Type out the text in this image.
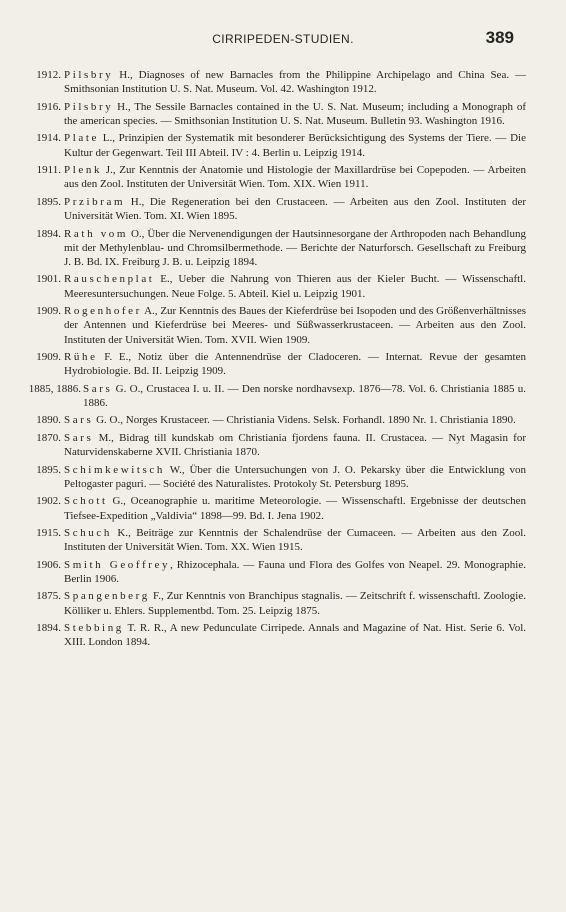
CIRRIPEDEN-STUDIEN.	389
1912. Pilsbry H., Diagnoses of new Barnacles from the Philippine Archipelago and China Sea. — Smithsonian Institution U. S. Nat. Museum. Vol. 42. Washington 1912.
1916. Pilsbry H., The Sessile Barnacles contained in the U. S. Nat. Museum; including a Monograph of the american species. — Smithsonian Institution U. S. Nat. Museum. Bulletin 93. Washington 1916.
1914. Plate L., Prinzipien der Systematik mit besonderer Berücksichtigung des Systems der Tiere. — Die Kultur der Gegenwart. Teil III Abteil. IV : 4. Berlin u. Leipzig 1914.
1911. Plenk J., Zur Kenntnis der Anatomie und Histologie der Maxillardrüse bei Copepoden. — Arbeiten aus den Zool. Instituten der Universität Wien. Tom. XIX. Wien 1911.
1895. Przibram H., Die Regeneration bei den Crustaceen. — Arbeiten aus den Zool. Instituten der Universität Wien. Tom. XI. Wien 1895.
1894. Rath vom O., Über die Nervenendigungen der Hautsinnesorgane der Arthropoden nach Behandlung mit der Methylenblau- und Chromsilbermethode. — Berichte der Naturforsch. Gesellschaft zu Freiburg J. B. Bd. IX. Freiburg J. B. u. Leipzig 1894.
1901. Rauschenplat E., Ueber die Nahrung von Thieren aus der Kieler Bucht. — Wissenschaftl. Meeresuntersuchungen. Neue Folge. 5. Abteil. Kiel u. Leipzig 1901.
1909. Rogenhofer A., Zur Kenntnis des Baues der Kieferdrüse bei Isopoden und des Größenverhältnisses der Antennen und Kieferdrüse bei Meeres- und Süßwasserkrustaceen. — Arbeiten aus den Zool. Instituten der Universität Wien. Tom. XVII. Wien 1909.
1909. Rühe F. E., Notiz über die Antennendrüse der Cladoceren. — Internat. Revue der gesamten Hydrobiologie. Bd. II. Leipzig 1909.
1885, 1886. Sars G. O., Crustacea I. u. II. — Den norske nordhavsexp. 1876—78. Vol. 6. Christiania 1885 u. 1886.
1890. Sars G. O., Norges Krustaceer. — Christiania Videns. Selsk. Forhandl. 1890 Nr. 1. Christiania 1890.
1870. Sars M., Bidrag till kundskab om Christiania fjordens fauna. II. Crustacea. — Nyt Magasin for Naturvidenskaberne XVII. Christiania 1870.
1895. Schimkewitsch W., Über die Untersuchungen von J. O. Pekarsky über die Entwicklung von Peltogaster paguri. — Société des Naturalistes. Protokoly St. Petersburg 1895.
1902. Schott G., Oceanographie u. maritime Meteorologie. — Wissenschaftl. Ergebnisse der deutschen Tiefsee-Expedition „Valdivia“ 1898—99. Bd. I. Jena 1902.
1915. Schuch K., Beiträge zur Kenntnis der Schalendrüse der Cumaceen. — Arbeiten aus den Zool. Instituten der Universität Wien. Tom. XX. Wien 1915.
1906. Smith Geoffrey, Rhizocephala. — Fauna und Flora des Golfes von Neapel. 29. Monographie. Berlin 1906.
1875. Spangenberg F., Zur Kenntnis von Branchipus stagnalis. — Zeitschrift f. wissenschaftl. Zoologie. Kölliker u. Ehlers. Supplementbd. Tom. 25. Leipzig 1875.
1894. Stebbing T. R. R., A new Pedunculate Cirripede. Annals and Magazine of Nat. Hist. Serie 6. Vol. XIII. London 1894.
